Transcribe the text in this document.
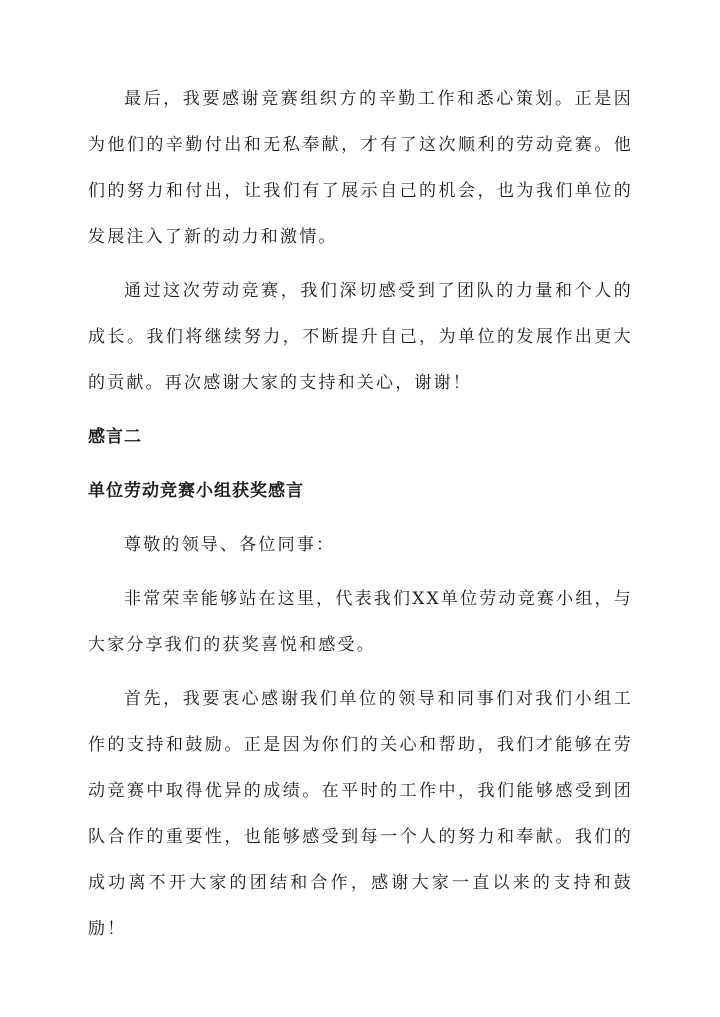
最后，我要感谢竞赛组织方的辛勤工作和悉心策划。正是因为他们的辛勤付出和无私奉献，才有了这次顺利的劳动竞赛。他们的努力和付出，让我们有了展示自己的机会，也为我们单位的发展注入了新的动力和激情。

通过这次劳动竞赛，我们深切感受到了团队的力量和个人的成长。我们将继续努力，不断提升自己，为单位的发展作出更大的贡献。再次感谢大家的支持和关心，谢谢！

感言二
单位劳动竞赛小组获奖感言

尊敬的领导、各位同事：

非常荣幸能够站在这里，代表我们XX单位劳动竞赛小组，与大家分享我们的获奖喜悦和感受。

首先，我要衷心感谢我们单位的领导和同事们对我们小组工作的支持和鼓励。正是因为你们的关心和帮助，我们才能够在劳动竞赛中取得优异的成绩。在平时的工作中，我们能够感受到团队合作的重要性，也能够感受到每一个人的努力和奉献。我们的成功离不开大家的团结和合作，感谢大家一直以来的支持和鼓励！
